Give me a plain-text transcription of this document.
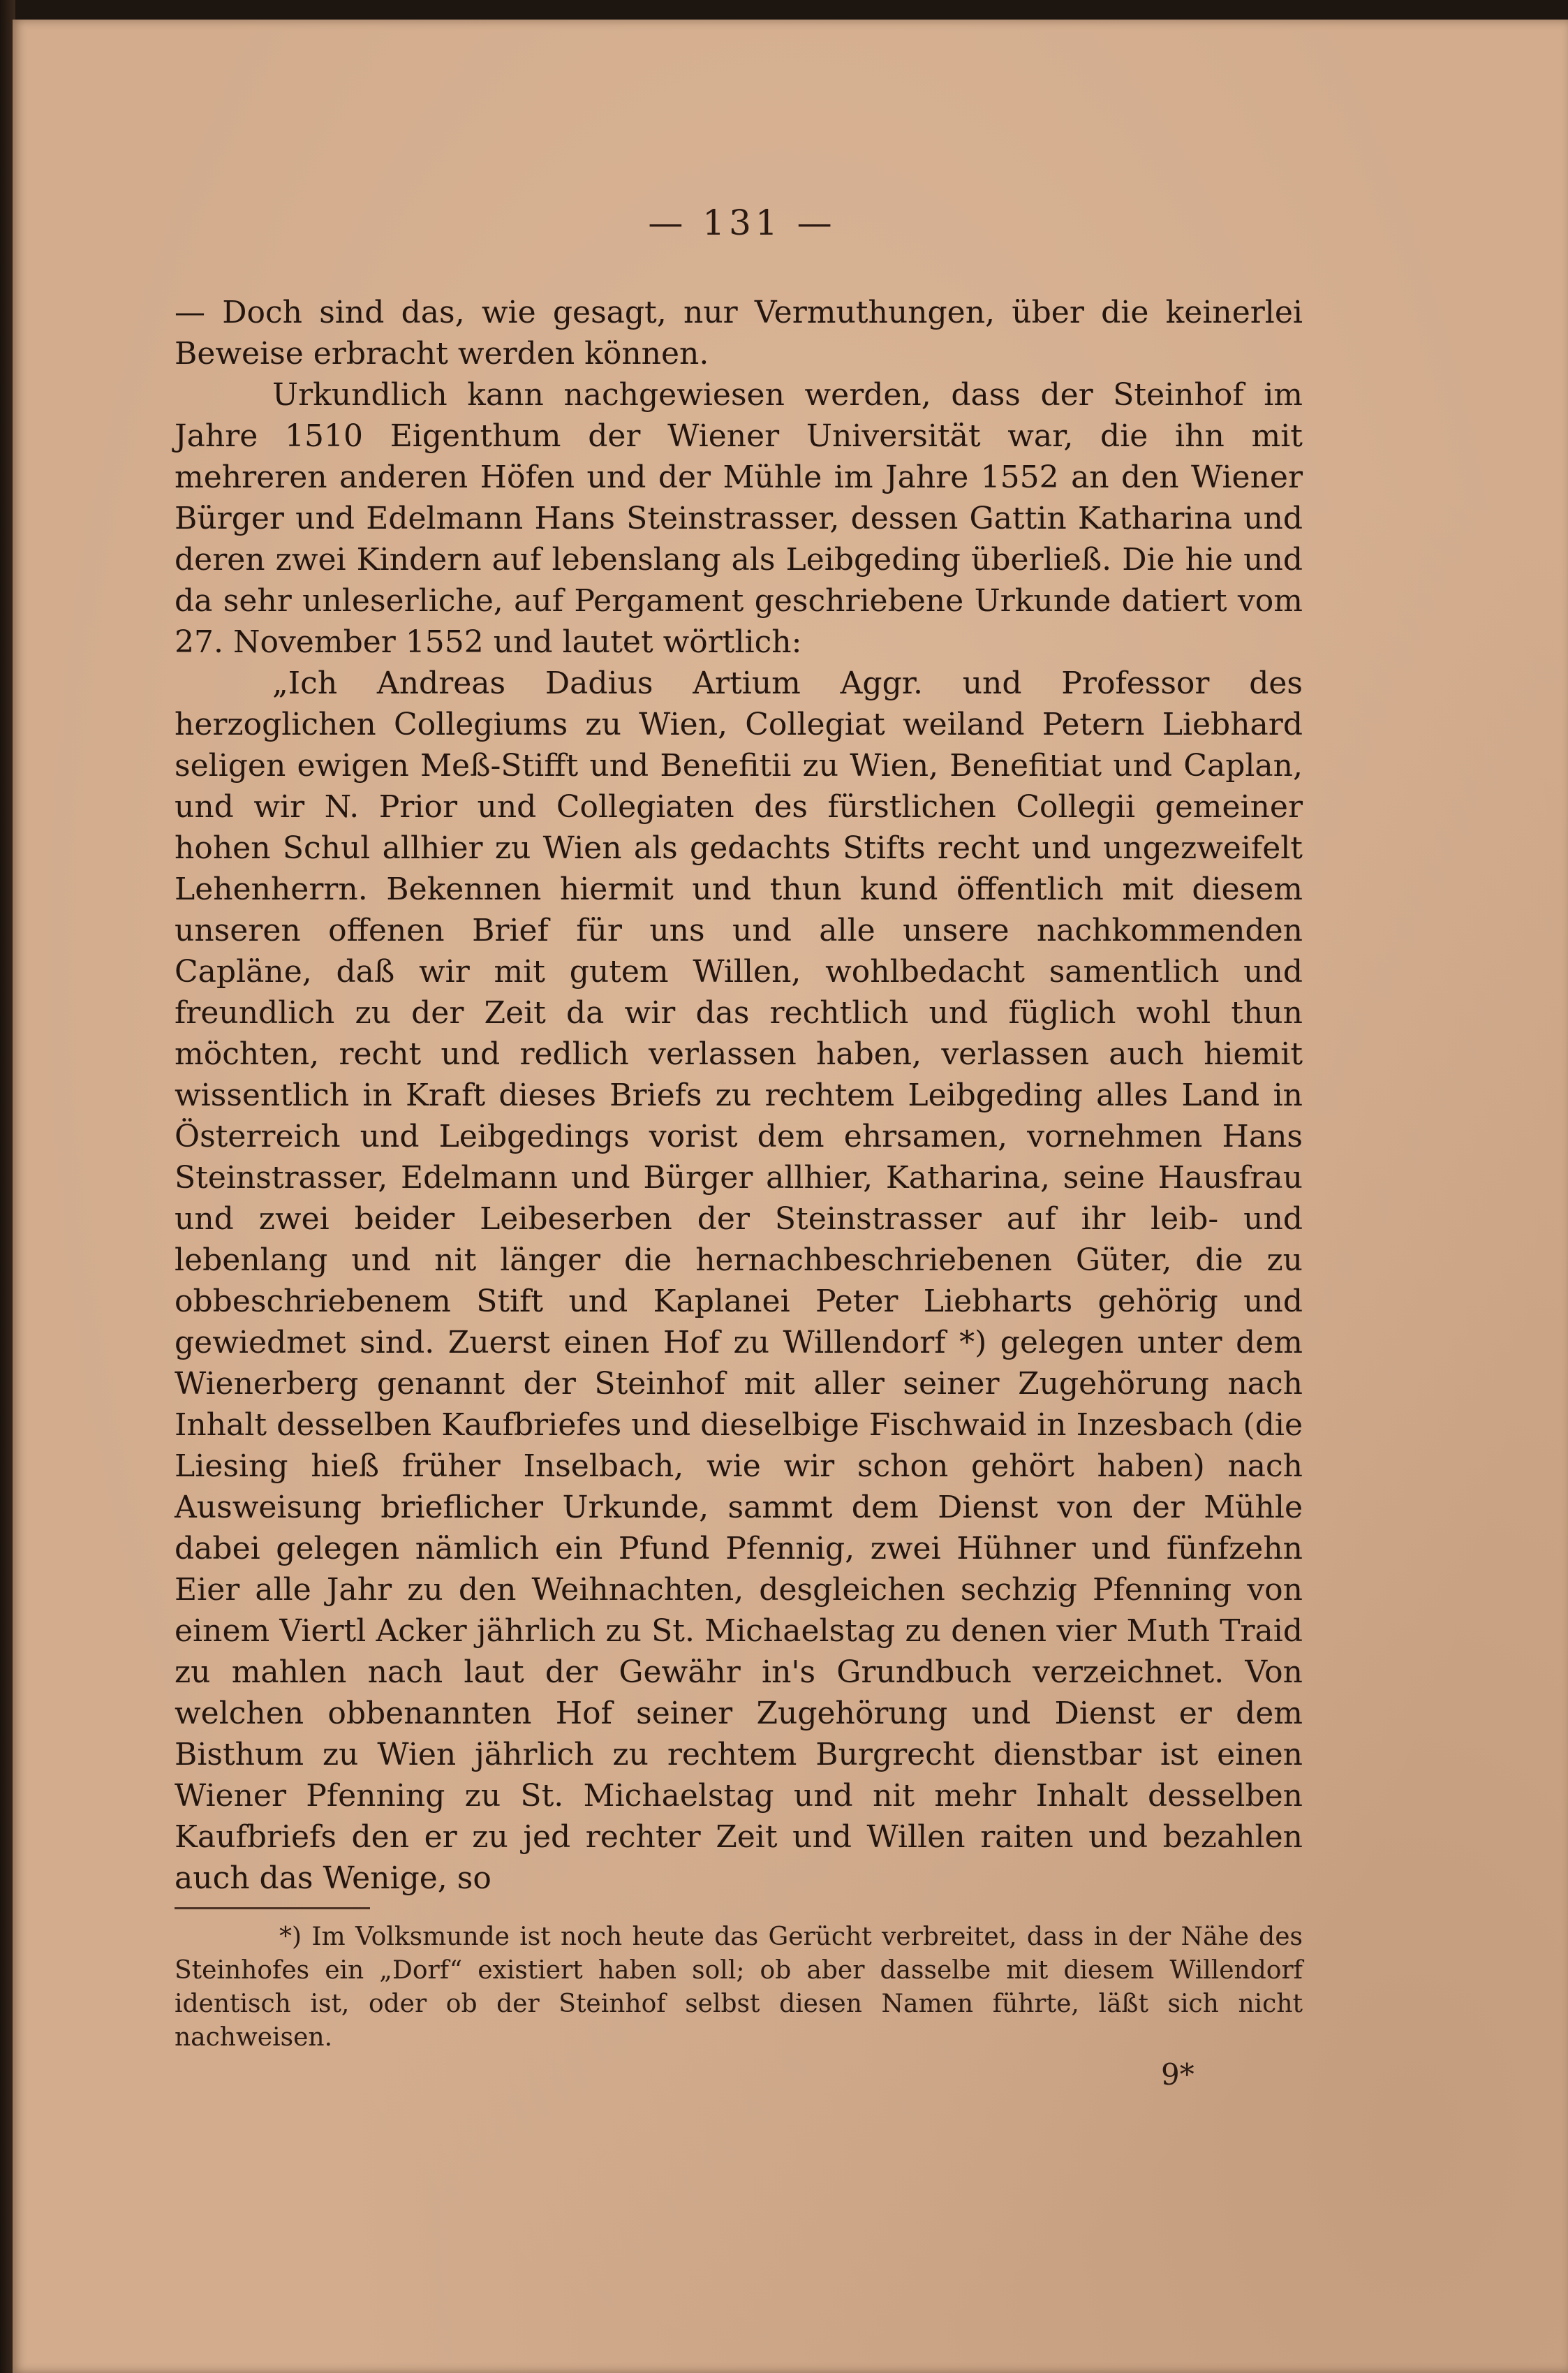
— 131 —

— Doch sind das, wie gesagt, nur Vermuthungen, über die keinerlei Beweise erbracht werden können.

Urkundlich kann nachgewiesen werden, dass der Steinhof im Jahre 1510 Eigenthum der Wiener Universität war, die ihn mit mehreren anderen Höfen und der Mühle im Jahre 1552 an den Wiener Bürger und Edelmann Hans Steinstrasser, dessen Gattin Katharina und deren zwei Kindern auf lebenslang als Leibgeding überließ. Die hie und da sehr unleserliche, auf Pergament geschriebene Urkunde datiert vom 27. November 1552 und lautet wörtlich:

„Ich Andreas Dadius Artium Aggr. und Professor des herzoglichen Collegiums zu Wien, Collegiat weiland Petern Liebhard seligen ewigen Meß-Stifft und Benefitii zu Wien, Benefitiat und Caplan, und wir N. Prior und Collegiaten des fürstlichen Collegii gemeiner hohen Schul allhier zu Wien als gedachts Stifts recht und ungezweifelt Lehenherrn. Bekennen hiermit und thun kund öffentlich mit diesem unseren offenen Brief für uns und alle unsere nachkommenden Capläne, daß wir mit gutem Willen, wohlbedacht samentlich und freundlich zu der Zeit da wir das rechtlich und füglich wohl thun möchten, recht und redlich verlassen haben, verlassen auch hiemit wissentlich in Kraft dieses Briefs zu rechtem Leibgeding alles Land in Österreich und Leibgedings vorist dem ehrsamen, vornehmen Hans Steinstrasser, Edelmann und Bürger allhier, Katharina, seine Hausfrau und zwei beider Leibeserben der Steinstrasser auf ihr leib- und lebenlang und nit länger die hernachbeschriebenen Güter, die zu obbeschriebenem Stift und Kaplanei Peter Liebharts gehörig und gewiedmet sind. Zuerst einen Hof zu Willendorf *) gelegen unter dem Wienerberg genannt der Steinhof mit aller seiner Zugehörung nach Inhalt desselben Kaufbriefes und dieselbige Fischwaid in Inzesbach (die Liesing hieß früher Inselbach, wie wir schon gehört haben) nach Ausweisung brieflicher Urkunde, sammt dem Dienst von der Mühle dabei gelegen nämlich ein Pfund Pfennig, zwei Hühner und fünfzehn Eier alle Jahr zu den Weihnachten, desgleichen sechzig Pfenning von einem Viertl Acker jährlich zu St. Michaelstag zu denen vier Muth Traid zu mahlen nach laut der Gewähr in's Grundbuch verzeichnet. Von welchen obbenannten Hof seiner Zugehörung und Dienst er dem Bisthum zu Wien jährlich zu rechtem Burgrecht dienstbar ist einen Wiener Pfenning zu St. Michaelstag und nit mehr Inhalt desselben Kaufbriefs den er zu jed rechter Zeit und Willen raiten und bezahlen auch das Wenige, so

*) Im Volksmunde ist noch heute das Gerücht verbreitet, dass in der Nähe des Steinhofes ein „Dorf“ existiert haben soll; ob aber dasselbe mit diesem Willendorf identisch ist, oder ob der Steinhof selbst diesen Namen führte, läßt sich nicht nachweisen.

9*
